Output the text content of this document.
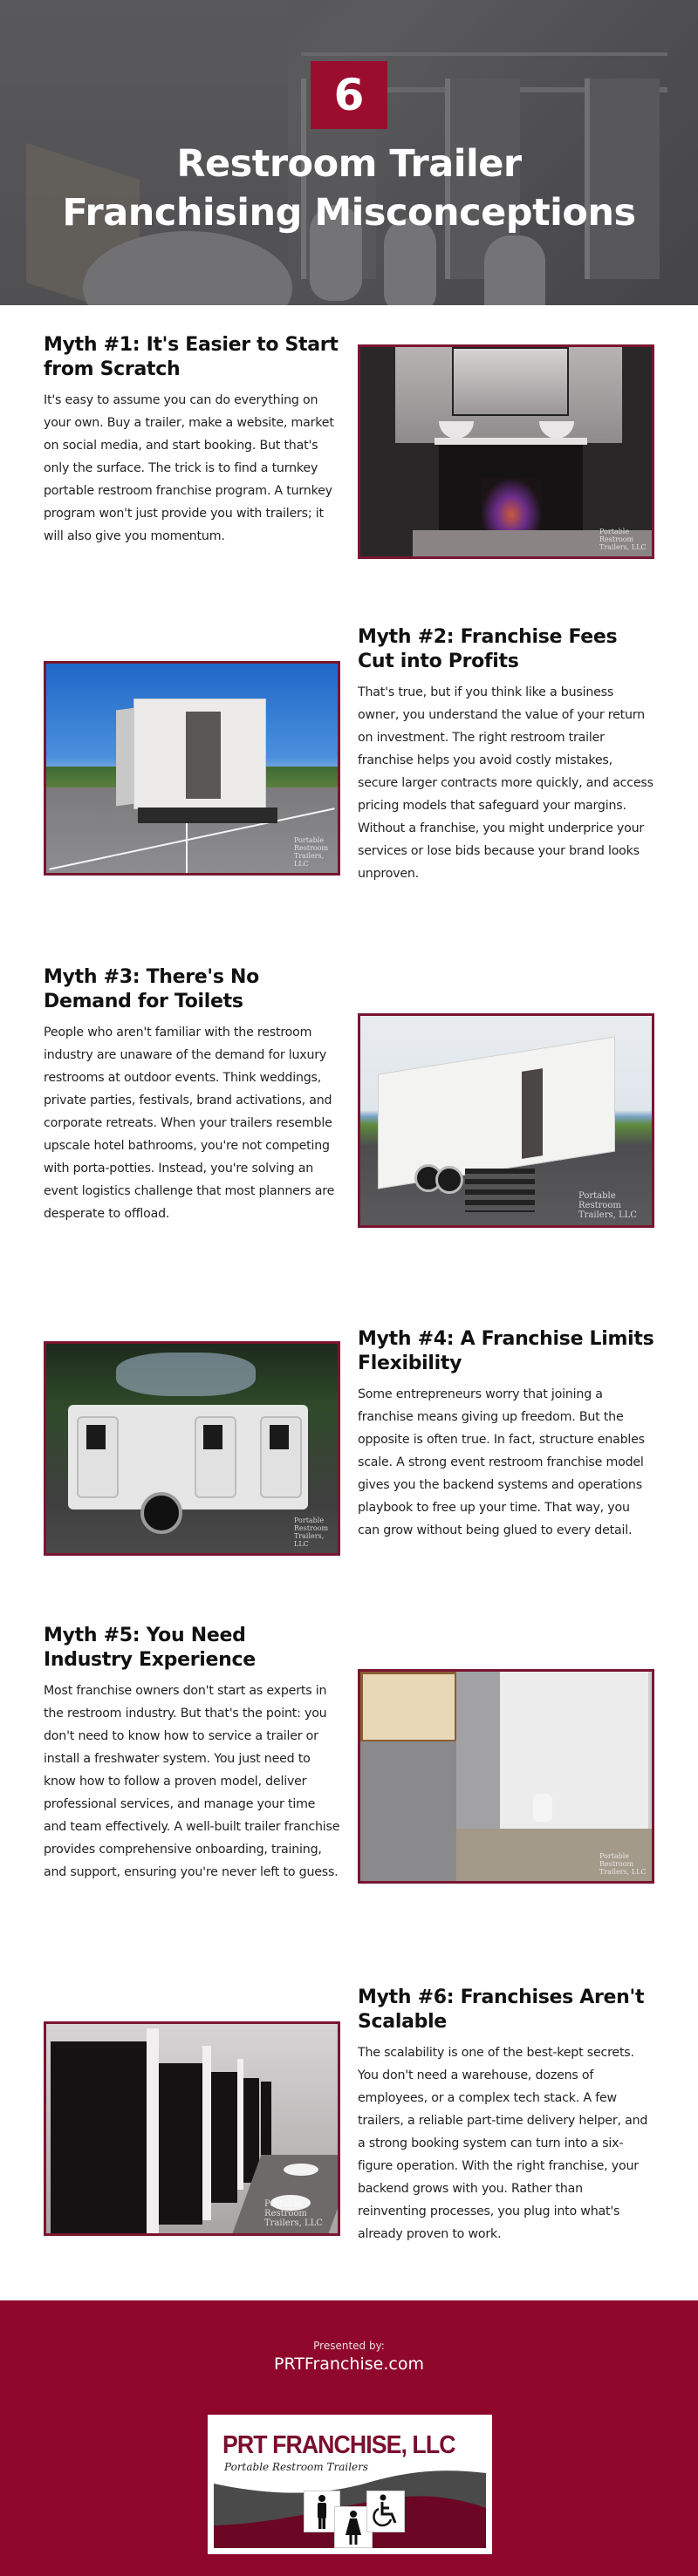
6
Restroom Trailer
Franchising Misconceptions
Myth #1: It's Easier to Start from Scratch

It's easy to assume you can do everything on your own. Buy a trailer, make a website, market on social media, and start booking. But that's only the surface. The trick is to find a turnkey portable restroom franchise program. A turnkey program won't just provide you with trailers; it will also give you momentum.	Portable Restroom Trailers, LLC
Portable Restroom Trailers, LLC
Myth #2: Franchise Fees Cut into Profits

That's true, but if you think like a business owner, you understand the value of your return on investment. The right restroom trailer franchise helps you avoid costly mistakes, secure larger contracts more quickly, and access pricing models that safeguard your margins. Without a franchise, you might underprice your services or lose bids because your brand looks unproven.

Myth #3: There's No Demand for Toilets

People who aren't familiar with the restroom industry are unaware of the demand for luxury restrooms at outdoor events. Think weddings, private parties, festivals, brand activations, and corporate retreats. When your trailers resemble upscale hotel bathrooms, you're not competing with porta-potties. Instead, you're solving an event logistics challenge that most planners are desperate to offload.

Portable Restroom Trailers, LLC
Portable Restroom Trailers, LLC
Myth #4: A Franchise Limits Flexibility

Some entrepreneurs worry that joining a franchise means giving up freedom. But the opposite is often true. In fact, structure enables scale. A strong event restroom franchise model gives you the backend systems and operations playbook to free up your time. That way, you can grow without being glued to every detail.

Myth #5: You Need Industry Experience

Most franchise owners don't start as experts in the restroom industry. But that's the point: you don't need to know how to service a trailer or install a freshwater system. You just need to know how to follow a proven model, deliver professional services, and manage your time and team effectively. A well-built trailer franchise provides comprehensive onboarding, training, and support, ensuring you're never left to guess.

Portable Restroom Trailers, LLC
Portable Restroom Trailers, LLC
Myth #6: Franchises Aren't Scalable

The scalability is one of the best-kept secrets. You don't need a warehouse, dozens of employees, or a complex tech stack. A few trailers, a reliable part-time delivery helper, and a strong booking system can turn into a six-figure operation. With the right franchise, your backend grows with you. Rather than reinventing processes, you plug into what's already proven to work.

Presented by:
PRTFranchise.com
PRT FRANCHISE, LLC
Portable Restroom Trailers
